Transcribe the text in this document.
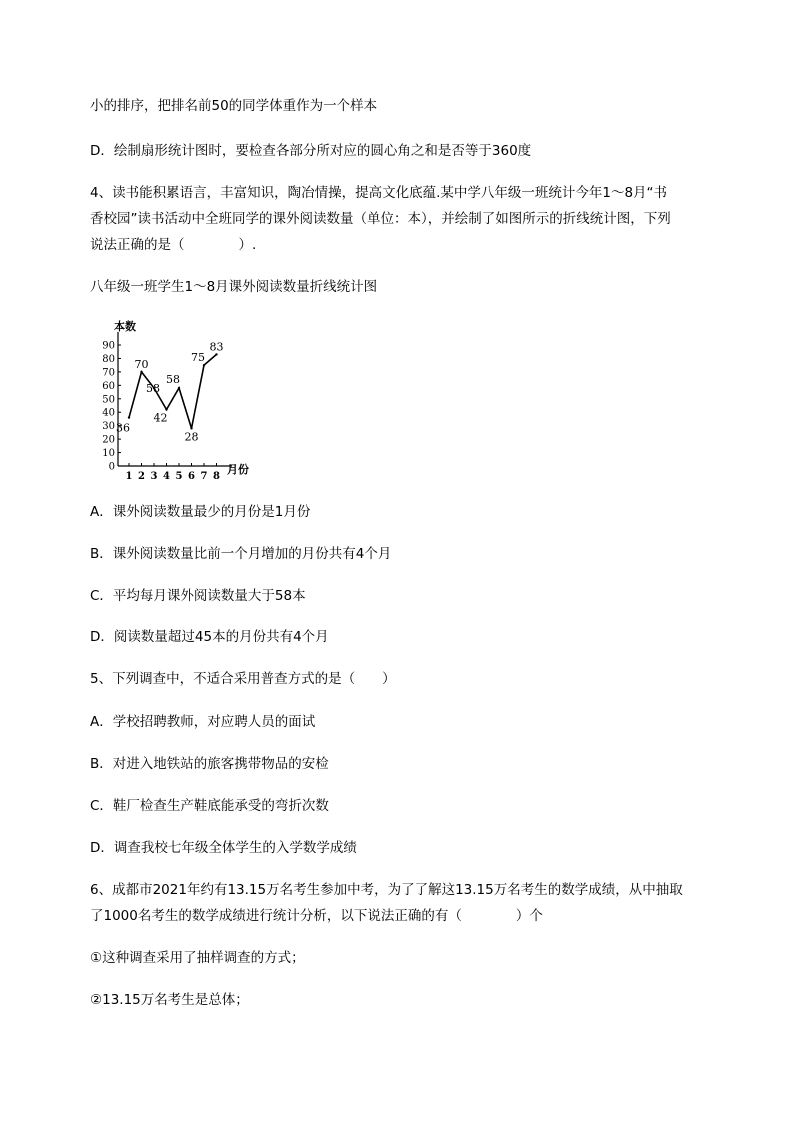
小的排序，把排名前50的同学体重作为一个样本

D．绘制扇形统计图时，要检查各部分所对应的圆心角之和是否等于360度

4、读书能积累语言，丰富知识，陶冶情操，提高文化底蕴.某中学八年级一班统计今年1～8月“书

香校园”读书活动中全班同学的课外阅读数量（单位：本），并绘制了如图所示的折线统计图，下列

说法正确的是（　　　　）.

八年级一班学生1～8月课外阅读数量折线统计图

0
10
20
30
40
50
60
70
80
90
1 2 3 4 5 6 7 8
36
70
58
42
58
28
75
83
本数
月份

A．课外阅读数量最少的月份是1月份

B．课外阅读数量比前一个月增加的月份共有4个月

C．平均每月课外阅读数量大于58本

D．阅读数量超过45本的月份共有4个月

5、下列调查中，不适合采用普查方式的是（　　）

A．学校招聘教师，对应聘人员的面试

B．对进入地铁站的旅客携带物品的安检

C．鞋厂检查生产鞋底能承受的弯折次数

D．调查我校七年级全体学生的入学数学成绩

6、成都市2021年约有13.15万名考生参加中考，为了了解这13.15万名考生的数学成绩，从中抽取

了1000名考生的数学成绩进行统计分析，以下说法正确的有（　　　　）个

①这种调查采用了抽样调查的方式；

②13.15万名考生是总体；
